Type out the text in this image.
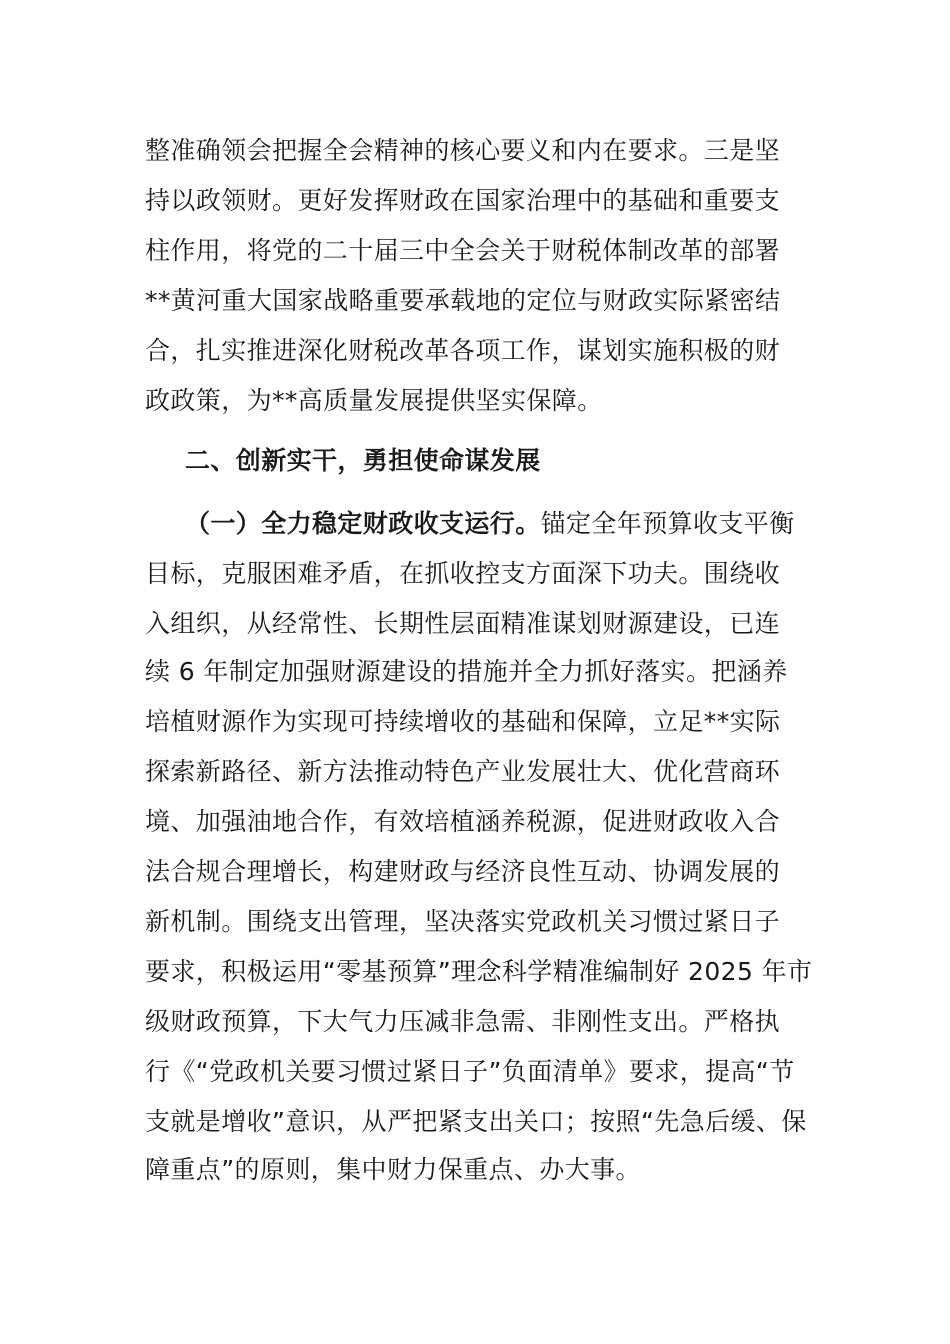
整准确领会把握全会精神的核心要义和内在要求。三是坚
持以政领财。更好发挥财政在国家治理中的基础和重要支
柱作用，将党的二十届三中全会关于财税体制改革的部署
**黄河重大国家战略重要承载地的定位与财政实际紧密结
合，扎实推进深化财税改革各项工作，谋划实施积极的财
政政策，为**高质量发展提供坚实保障。
二、创新实干，勇担使命谋发展
（一）全力稳定财政收支运行。锚定全年预算收支平衡
目标，克服困难矛盾，在抓收控支方面深下功夫。围绕收
入组织，从经常性、长期性层面精准谋划财源建设，已连
续 6 年制定加强财源建设的措施并全力抓好落实。把涵养
培植财源作为实现可持续增收的基础和保障，立足**实际
探索新路径、新方法推动特色产业发展壮大、优化营商环
境、加强油地合作，有效培植涵养税源，促进财政收入合
法合规合理增长，构建财政与经济良性互动、协调发展的
新机制。围绕支出管理，坚决落实党政机关习惯过紧日子
要求，积极运用“零基预算”理念科学精准编制好 2025 年市
级财政预算，下大气力压减非急需、非刚性支出。严格执
行《“党政机关要习惯过紧日子”负面清单》要求，提高“节
支就是增收”意识，从严把紧支出关口；按照“先急后缓、保
障重点”的原则，集中财力保重点、办大事。
